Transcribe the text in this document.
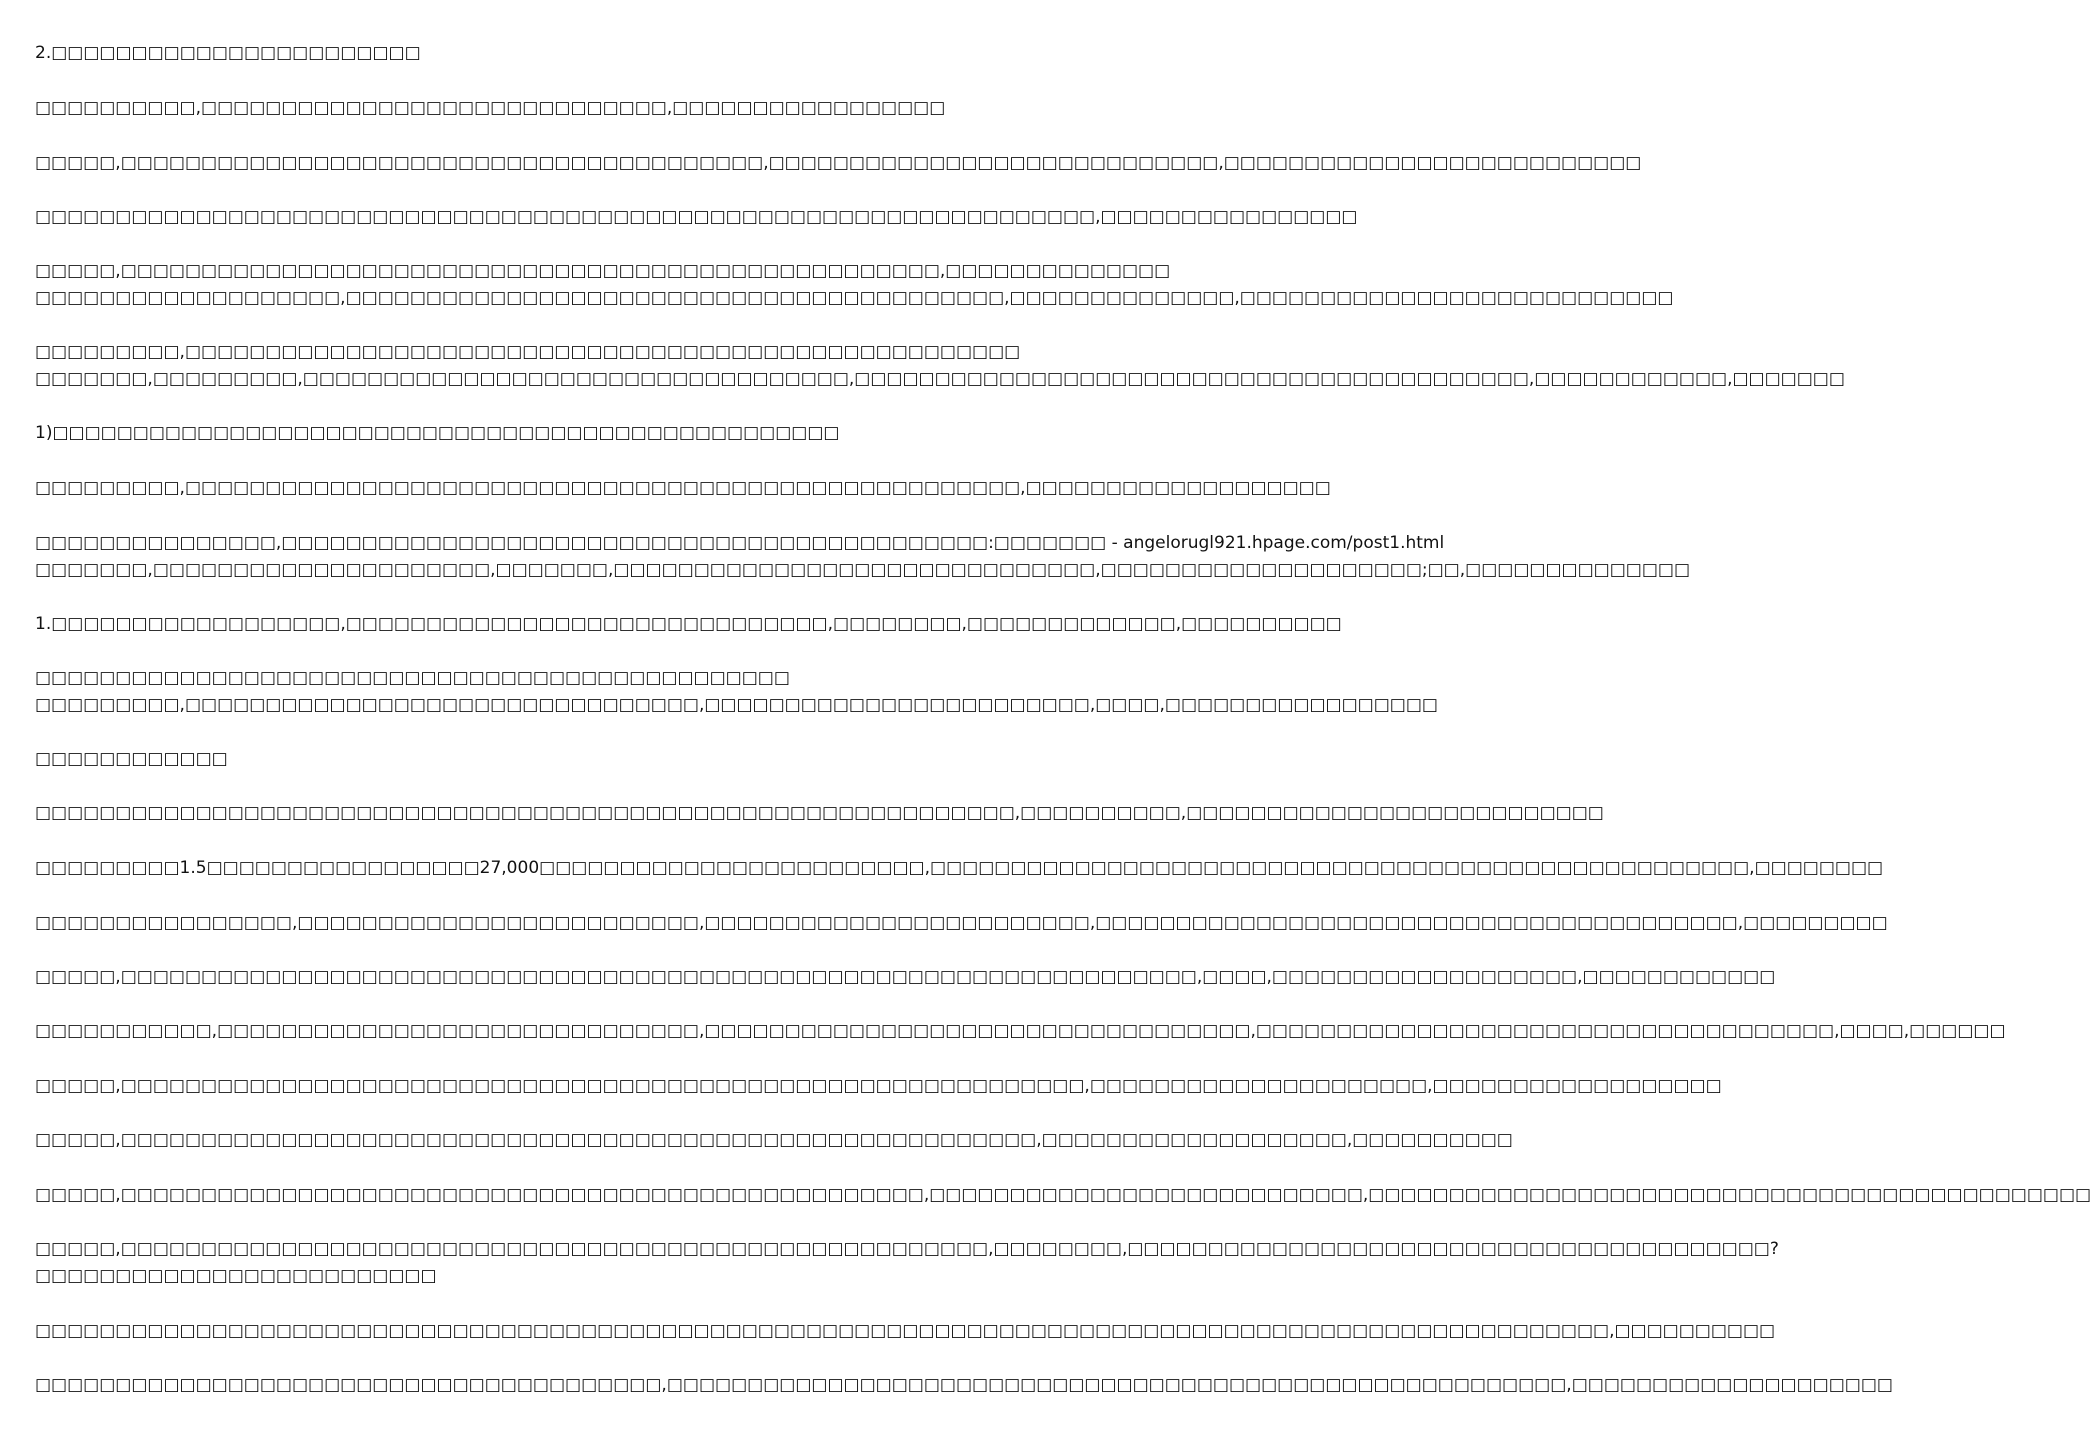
2.□□□□□□□□□□□□□□□□□□□□□□□
□□□□□□□□□□,□□□□□□□□□□□□□□□□□□□□□□□□□□□□□,□□□□□□□□□□□□□□□□□
□□□□□,□□□□□□□□□□□□□□□□□□□□□□□□□□□□□□□□□□□□□□□□,□□□□□□□□□□□□□□□□□□□□□□□□□□□□,□□□□□□□□□□□□□□□□□□□□□□□□□□
□□□□□□□□□□□□□□□□□□□□□□□□□□□□□□□□□□□□□□□□□□□□□□□□□□□□□□□□□□□□□□□□□□,□□□□□□□□□□□□□□□□
□□□□□,□□□□□□□□□□□□□□□□□□□□□□□□□□□□□□□□□□□□□□□□□□□□□□□□□□□,□□□□□□□□□□□□□□
□□□□□□□□□□□□□□□□□□□,□□□□□□□□□□□□□□□□□□□□□□□□□□□□□□□□□□□□□□□□□,□□□□□□□□□□□□□□,□□□□□□□□□□□□□□□□□□□□□□□□□□□
□□□□□□□□□,□□□□□□□□□□□□□□□□□□□□□□□□□□□□□□□□□□□□□□□□□□□□□□□□□□□□
□□□□□□□,□□□□□□□□□,□□□□□□□□□□□□□□□□□□□□□□□□□□□□□□□□□□,□□□□□□□□□□□□□□□□□□□□□□□□□□□□□□□□□□□□□□□□□□,□□□□□□□□□□□□,□□□□□□□
1)□□□□□□□□□□□□□□□□□□□□□□□□□□□□□□□□□□□□□□□□□□□□□□□□□
□□□□□□□□□,□□□□□□□□□□□□□□□□□□□□□□□□□□□□□□□□□□□□□□□□□□□□□□□□□□□□,□□□□□□□□□□□□□□□□□□□
□□□□□□□□□□□□□□□,□□□□□□□□□□□□□□□□□□□□□□□□□□□□□□□□□□□□□□□□□□□□:□□□□□□□ - angelorugl921.hpage.com/post1.html
□□□□□□□,□□□□□□□□□□□□□□□□□□□□□,□□□□□□□,□□□□□□□□□□□□□□□□□□□□□□□□□□□□□□,□□□□□□□□□□□□□□□□□□□□;□□,□□□□□□□□□□□□□□
1.□□□□□□□□□□□□□□□□□□,□□□□□□□□□□□□□□□□□□□□□□□□□□□□□□,□□□□□□□□,□□□□□□□□□□□□□,□□□□□□□□□□
□□□□□□□□□□□□□□□□□□□□□□□□□□□□□□□□□□□□□□□□□□□□□□□
□□□□□□□□□,□□□□□□□□□□□□□□□□□□□□□□□□□□□□□□□□,□□□□□□□□□□□□□□□□□□□□□□□□,□□□□,□□□□□□□□□□□□□□□□□
□□□□□□□□□□□□
□□□□□□□□□□□□□□□□□□□□□□□□□□□□□□□□□□□□□□□□□□□□□□□□□□□□□□□□□□□□□,□□□□□□□□□□,□□□□□□□□□□□□□□□□□□□□□□□□□□
□□□□□□□□□1.5□□□□□□□□□□□□□□□□□27,000□□□□□□□□□□□□□□□□□□□□□□□□,□□□□□□□□□□□□□□□□□□□□□□□□□□□□□□□□□□□□□□□□□□□□□□□□□□□,□□□□□□□□
□□□□□□□□□□□□□□□□,□□□□□□□□□□□□□□□□□□□□□□□□□,□□□□□□□□□□□□□□□□□□□□□□□□,□□□□□□□□□□□□□□□□□□□□□□□□□□□□□□□□□□□□□□□□,□□□□□□□□□
□□□□□,□□□□□□□□□□□□□□□□□□□□□□□□□□□□□□□□□□□□□□□□□□□□□□□□□□□□□□□□□□□□□□□□□□□,□□□□,□□□□□□□□□□□□□□□□□□□,□□□□□□□□□□□□
□□□□□□□□□□□,□□□□□□□□□□□□□□□□□□□□□□□□□□□□□□,□□□□□□□□□□□□□□□□□□□□□□□□□□□□□□□□□□,□□□□□□□□□□□□□□□□□□□□□□□□□□□□□□□□□□□□,□□□□,□□□□□□
□□□□□,□□□□□□□□□□□□□□□□□□□□□□□□□□□□□□□□□□□□□□□□□□□□□□□□□□□□□□□□□□□□,□□□□□□□□□□□□□□□□□□□□□,□□□□□□□□□□□□□□□□□□
□□□□□,□□□□□□□□□□□□□□□□□□□□□□□□□□□□□□□□□□□□□□□□□□□□□□□□□□□□□□□□□,□□□□□□□□□□□□□□□□□□□,□□□□□□□□□□
□□□□□,□□□□□□□□□□□□□□□□□□□□□□□□□□□□□□□□□□□□□□□□□□□□□□□□□□,□□□□□□□□□□□□□□□□□□□□□□□□□□□,□□□□□□□□□□□□□□□□□□□□□□□□□□□□□□□□□□□□□□□□□□□□□
□□□□□,□□□□□□□□□□□□□□□□□□□□□□□□□□□□□□□□□□□□□□□□□□□□□□□□□□□□□□,□□□□□□□□,□□□□□□□□□□□□□□□□□□□□□□□□□□□□□□□□□□□□□□□□?
□□□□□□□□□□□□□□□□□□□□□□□□□
□□□□□□□□□□□□□□□□□□□□□□□□□□□□□□□□□□□□□□□□□□□□□□□□□□□□□□□□□□□□□□□□□□□□□□□□□□□□□□□□□□□□□□□□□□□□□□□□□□,□□□□□□□□□□
□□□□□□□□□□□□□□□□□□□□□□□□□□□□□□□□□□□□□□□,□□□□□□□□□□□□□□□□□□□□□□□□□□□□□□□□□□□□□□□□□□□□□□□□□□□□□□□□,□□□□□□□□□□□□□□□□□□□□
